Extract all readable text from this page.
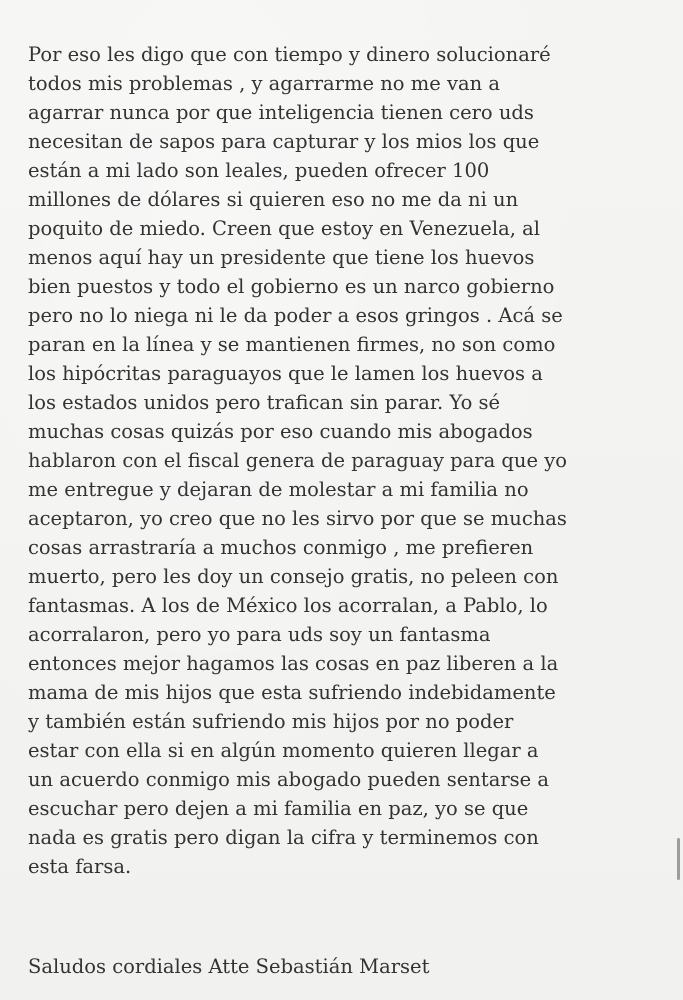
Por eso les digo que con tiempo y dinero solucionaré
todos mis problemas , y agarrarme no me van a
agarrar nunca por que inteligencia tienen cero uds
necesitan de sapos para capturar y los mios los que
están a mi lado son leales, pueden ofrecer 100
millones de dólares si quieren eso no me da ni un
poquito de miedo. Creen que estoy en Venezuela, al
menos aquí hay un presidente que tiene los huevos
bien puestos y todo el gobierno es un narco gobierno
pero no lo niega ni le da poder a esos gringos . Acá se
paran en la línea y se mantienen firmes, no son como
los hipócritas paraguayos que le lamen los huevos a
los estados unidos pero trafican sin parar. Yo sé
muchas cosas quizás por eso cuando mis abogados
hablaron con el fiscal genera de paraguay para que yo
me entregue y dejaran de molestar a mi familia no
aceptaron, yo creo que no les sirvo por que se muchas
cosas arrastraría a muchos conmigo , me prefieren
muerto, pero les doy un consejo gratis, no peleen con
fantasmas. A los de México los acorralan, a Pablo, lo
acorralaron, pero yo para uds soy un fantasma
entonces mejor hagamos las cosas en paz liberen a la
mama de mis hijos que esta sufriendo indebidamente
y también están sufriendo mis hijos por no poder
estar con ella si en algún momento quieren llegar a
un acuerdo conmigo mis abogado pueden sentarse a
escuchar pero dejen a mi familia en paz, yo se que
nada es gratis pero digan la cifra y terminemos con
esta farsa.
Saludos cordiales Atte Sebastián Marset
